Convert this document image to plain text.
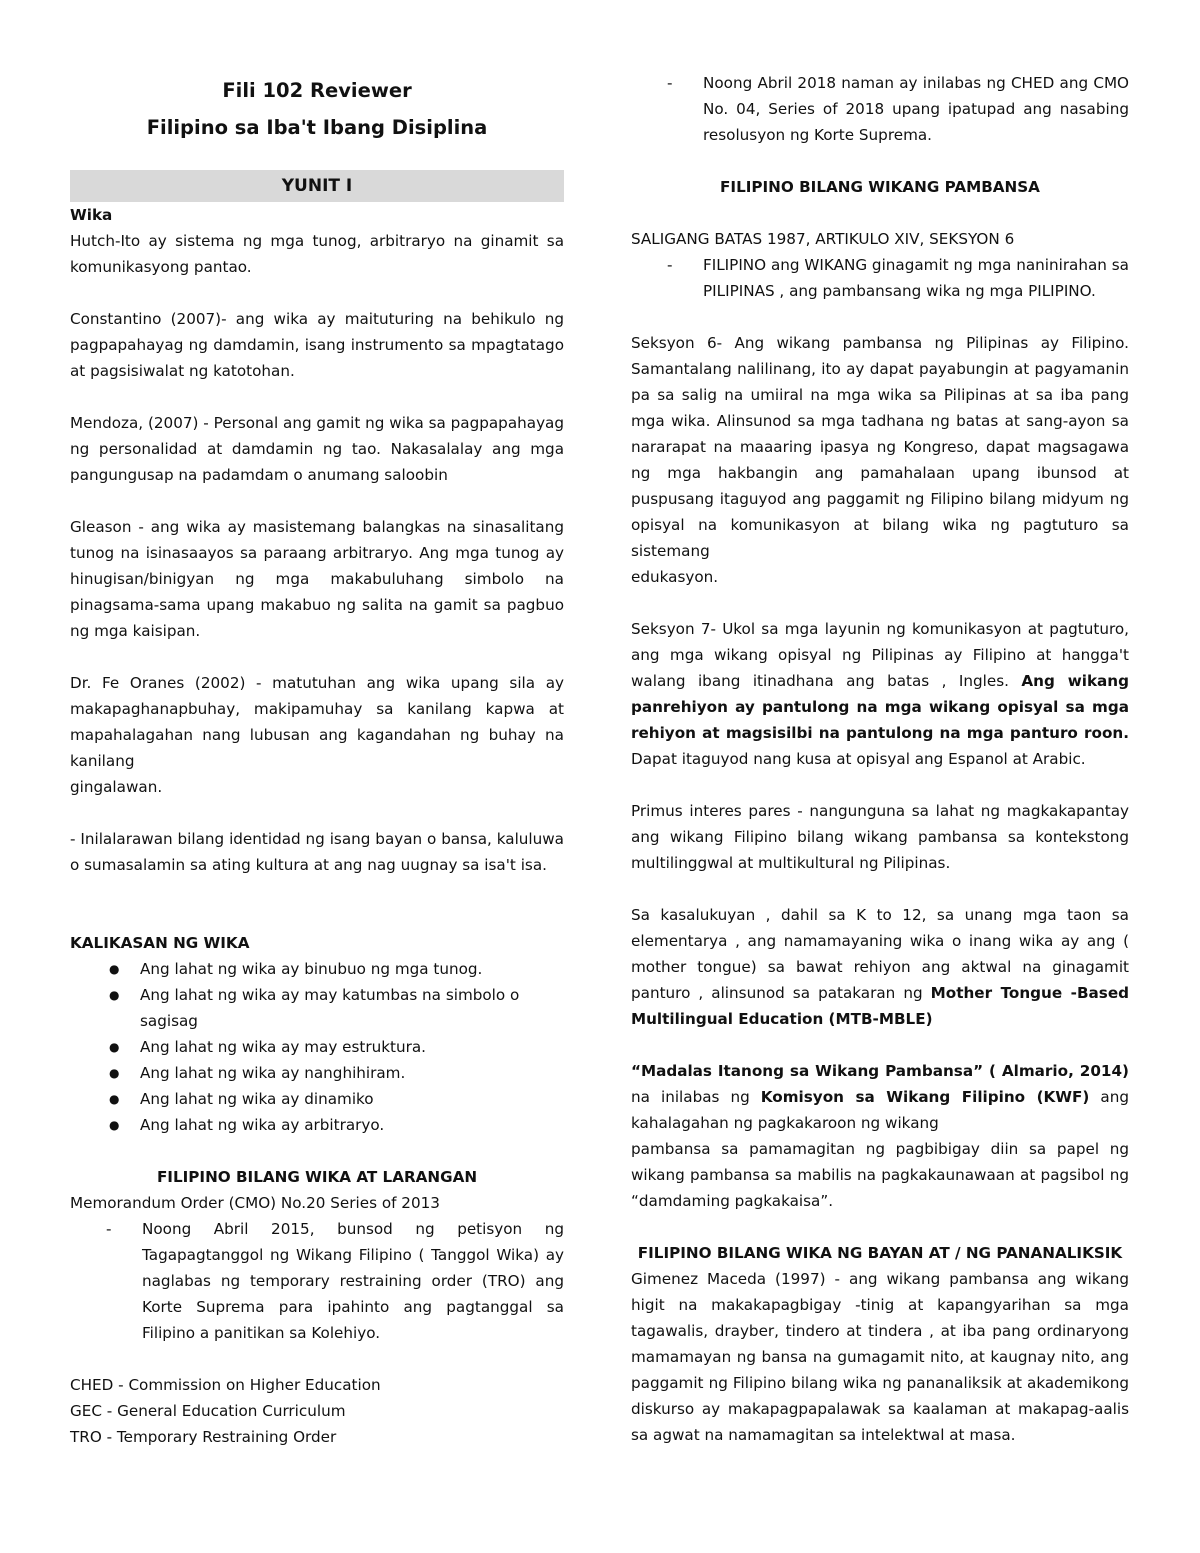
Fili 102 Reviewer
Filipino sa Iba't Ibang Disiplina
YUNIT I
Wika

Hutch-Ito ay sistema ng mga tunog, arbitraryo na ginamit sa komunikasyong pantao.

Constantino (2007)- ang wika ay maituturing na behikulo ng pagpapahayag ng damdamin, isang instrumento sa mpagtatago at pagsisiwalat ng katotohan.

Mendoza, (2007) - Personal ang gamit ng wika sa pagpapahayag ng personalidad at damdamin ng tao. Nakasalalay ang mga pangungusap na padamdam o anumang saloobin

Gleason - ang wika ay masistemang balangkas na sinasalitang tunog na isinasaayos sa paraang arbitraryo. Ang mga tunog ay hinugisan/binigyan ng mga makabuluhang simbolo na pinagsama-sama upang makabuo ng salita na gamit sa pagbuo ng mga kaisipan.

Dr. Fe Oranes (2002) - matutuhan ang wika upang sila ay makapaghanapbuhay, makipamuhay sa kanilang kapwa at mapahalagahan nang lubusan ang kagandahan ng buhay na kanilang

gingalawan.

- Inilalarawan bilang identidad ng isang bayan o bansa, kaluluwa o sumasalamin sa ating kultura at ang nag uugnay sa isa't isa.

KALIKASAN NG WIKA
● Ang lahat ng wika ay binubuo ng mga tunog.
● Ang lahat ng wika ay may katumbas na simbolo o sagisag
● Ang lahat ng wika ay may estruktura.
● Ang lahat ng wika ay nanghihiram.
● Ang lahat ng wika ay dinamiko
● Ang lahat ng wika ay arbitraryo.
FILIPINO BILANG WIKA AT LARANGAN

Memorandum Order (CMO) No.20 Series of 2013

- Noong Abril 2015, bunsod ng petisyon ng Tagapagtanggol ng Wikang Filipino ( Tanggol Wika) ay naglabas ng temporary restraining order (TRO) ang Korte Suprema para ipahinto ang pagtanggal sa Filipino a panitikan sa Kolehiyo.

CHED - Commission on Higher Education

GEC - General Education Curriculum

TRO - Temporary Restraining Order

- Noong Abril 2018 naman ay inilabas ng CHED ang CMO No. 04, Series of 2018 upang ipatupad ang nasabing resolusyon ng Korte Suprema.
FILIPINO BILANG WIKANG PAMBANSA

SALIGANG BATAS 1987, ARTIKULO XIV, SEKSYON 6

- FILIPINO ang WIKANG ginagamit ng mga naninirahan sa PILIPINAS , ang pambansang wika ng mga PILIPINO.

Seksyon 6- Ang wikang pambansa ng Pilipinas ay Filipino. Samantalang nalilinang, ito ay dapat payabungin at pagyamanin pa sa salig na umiiral na mga wika sa Pilipinas at sa iba pang mga wika. Alinsunod sa mga tadhana ng batas at sang-ayon sa nararapat na maaaring ipasya ng Kongreso, dapat magsagawa ng mga hakbangin ang pamahalaan upang ibunsod at puspusang itaguyod ang paggamit ng Filipino bilang midyum ng opisyal na komunikasyon at bilang wika ng pagtuturo sa sistemang

edukasyon.

Seksyon 7- Ukol sa mga layunin ng komunikasyon at pagtuturo, ang mga wikang opisyal ng Pilipinas ay Filipino at hangga't walang ibang itinadhana ang batas , Ingles. Ang wikang panrehiyon ay pantulong na mga wikang opisyal sa mga rehiyon at magsisilbi na pantulong na mga panturo roon. Dapat itaguyod nang kusa at opisyal ang Espanol at Arabic.

Primus interes pares - nangunguna sa lahat ng magkakapantay ang wikang Filipino bilang wikang pambansa sa kontekstong multilinggwal at multikultural ng Pilipinas.

Sa kasalukuyan , dahil sa K to 12, sa unang mga taon sa elementarya , ang namamayaning wika o inang wika ay ang ( mother tongue) sa bawat rehiyon ang aktwal na ginagamit panturo , alinsunod sa patakaran ng Mother Tongue -Based Multilingual Education (MTB-MBLE)

“Madalas Itanong sa Wikang Pambansa” ( Almario, 2014) na inilabas ng Komisyon sa Wikang Filipino (KWF) ang kahalagahan ng pagkakaroon ng wikang

pambansa sa pamamagitan ng pagbibigay diin sa papel ng wikang pambansa sa mabilis na pagkakaunawaan at pagsibol ng “damdaming pagkakaisa”.

FILIPINO BILANG WIKA NG BAYAN AT / NG PANANALIKSIK

Gimenez Maceda (1997) - ang wikang pambansa ang wikang higit na makakapagbigay -tinig at kapangyarihan sa mga tagawalis, drayber, tindero at tindera , at iba pang ordinaryong mamamayan ng bansa na gumagamit nito, at kaugnay nito, ang paggamit ng Filipino bilang wika ng pananaliksik at akademikong diskurso ay makapagpapalawak sa kaalaman at makapag-aalis sa agwat na namamagitan sa intelektwal at masa.
